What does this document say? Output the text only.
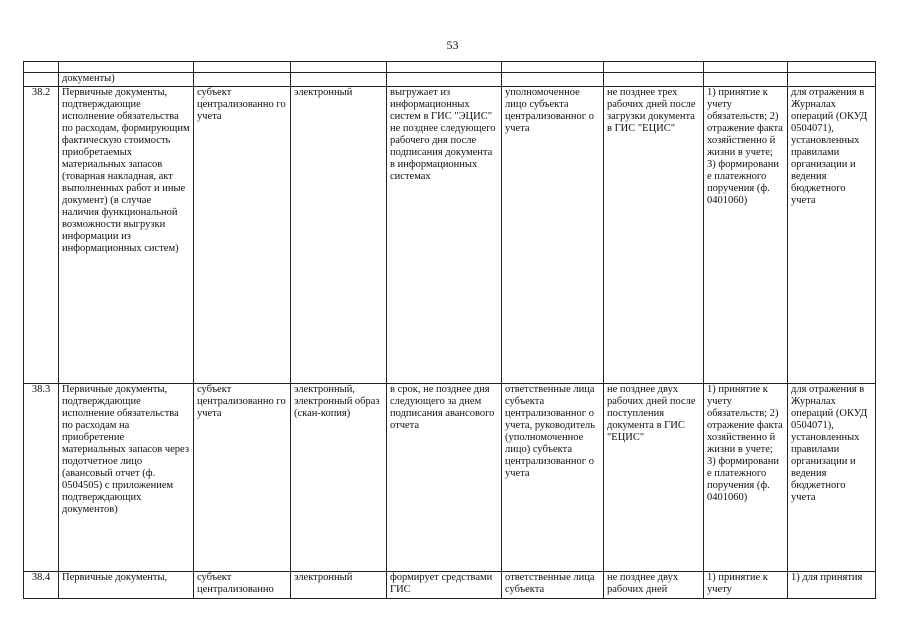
53

	документы)							
38.2	Первичные документы, подтверждающие исполнение обязательства по расходам, формирующим фактическую стоимость приобретаемых материальных запасов (товарная накладная, акт выполненных работ и иные документ) (в случае наличия функциональной возможности выгрузки информации из информационных систем)	субъект централизованно го учета	электронный	выгружает из информационных систем в ГИС "ЭЦИС" не позднее следующего рабочего дня после подписания документа в информационных системах	уполномоченное лицо субъекта централизованног о учета	не позднее трех рабочих дней после загрузки документа в ГИС "ЕЦИС"	1) принятие к учету обязательств; 2) отражение факта хозяйственно й жизни в учете; 3) формировани е платежного поручения (ф. 0401060)	для отражения в Журналах операций (ОКУД 0504071), установленных правилами организации и ведения бюджетного учета
38.3	Первичные документы, подтверждающие исполнение обязательства по расходам на приобретение материальных запасов через подотчетное лицо (авансовый отчет (ф. 0504505) с приложением подтверждающих документов)	субъект централизованно го учета	электронный, электронный образ (скан-копия)	в срок, не позднее дня следующего за днем подписания авансового отчета	ответственные лица субъекта централизованног о учета, руководитель (уполномоченное лицо) субъекта централизованног о учета	не позднее двух рабочих дней после поступления документа в ГИС "ЕЦИС"	1) принятие к учету обязательств; 2) отражение факта хозяйственно й жизни в учете; 3) формировани е платежного поручения (ф. 0401060)	для отражения в Журналах операций (ОКУД 0504071), установленных правилами организации и ведения бюджетного учета
38.4	Первичные документы,	субъект централизованно	электронный	формирует средствами ГИС	ответственные лица субъекта	не позднее двух рабочих дней	1) принятие к учету	1) для принятия
